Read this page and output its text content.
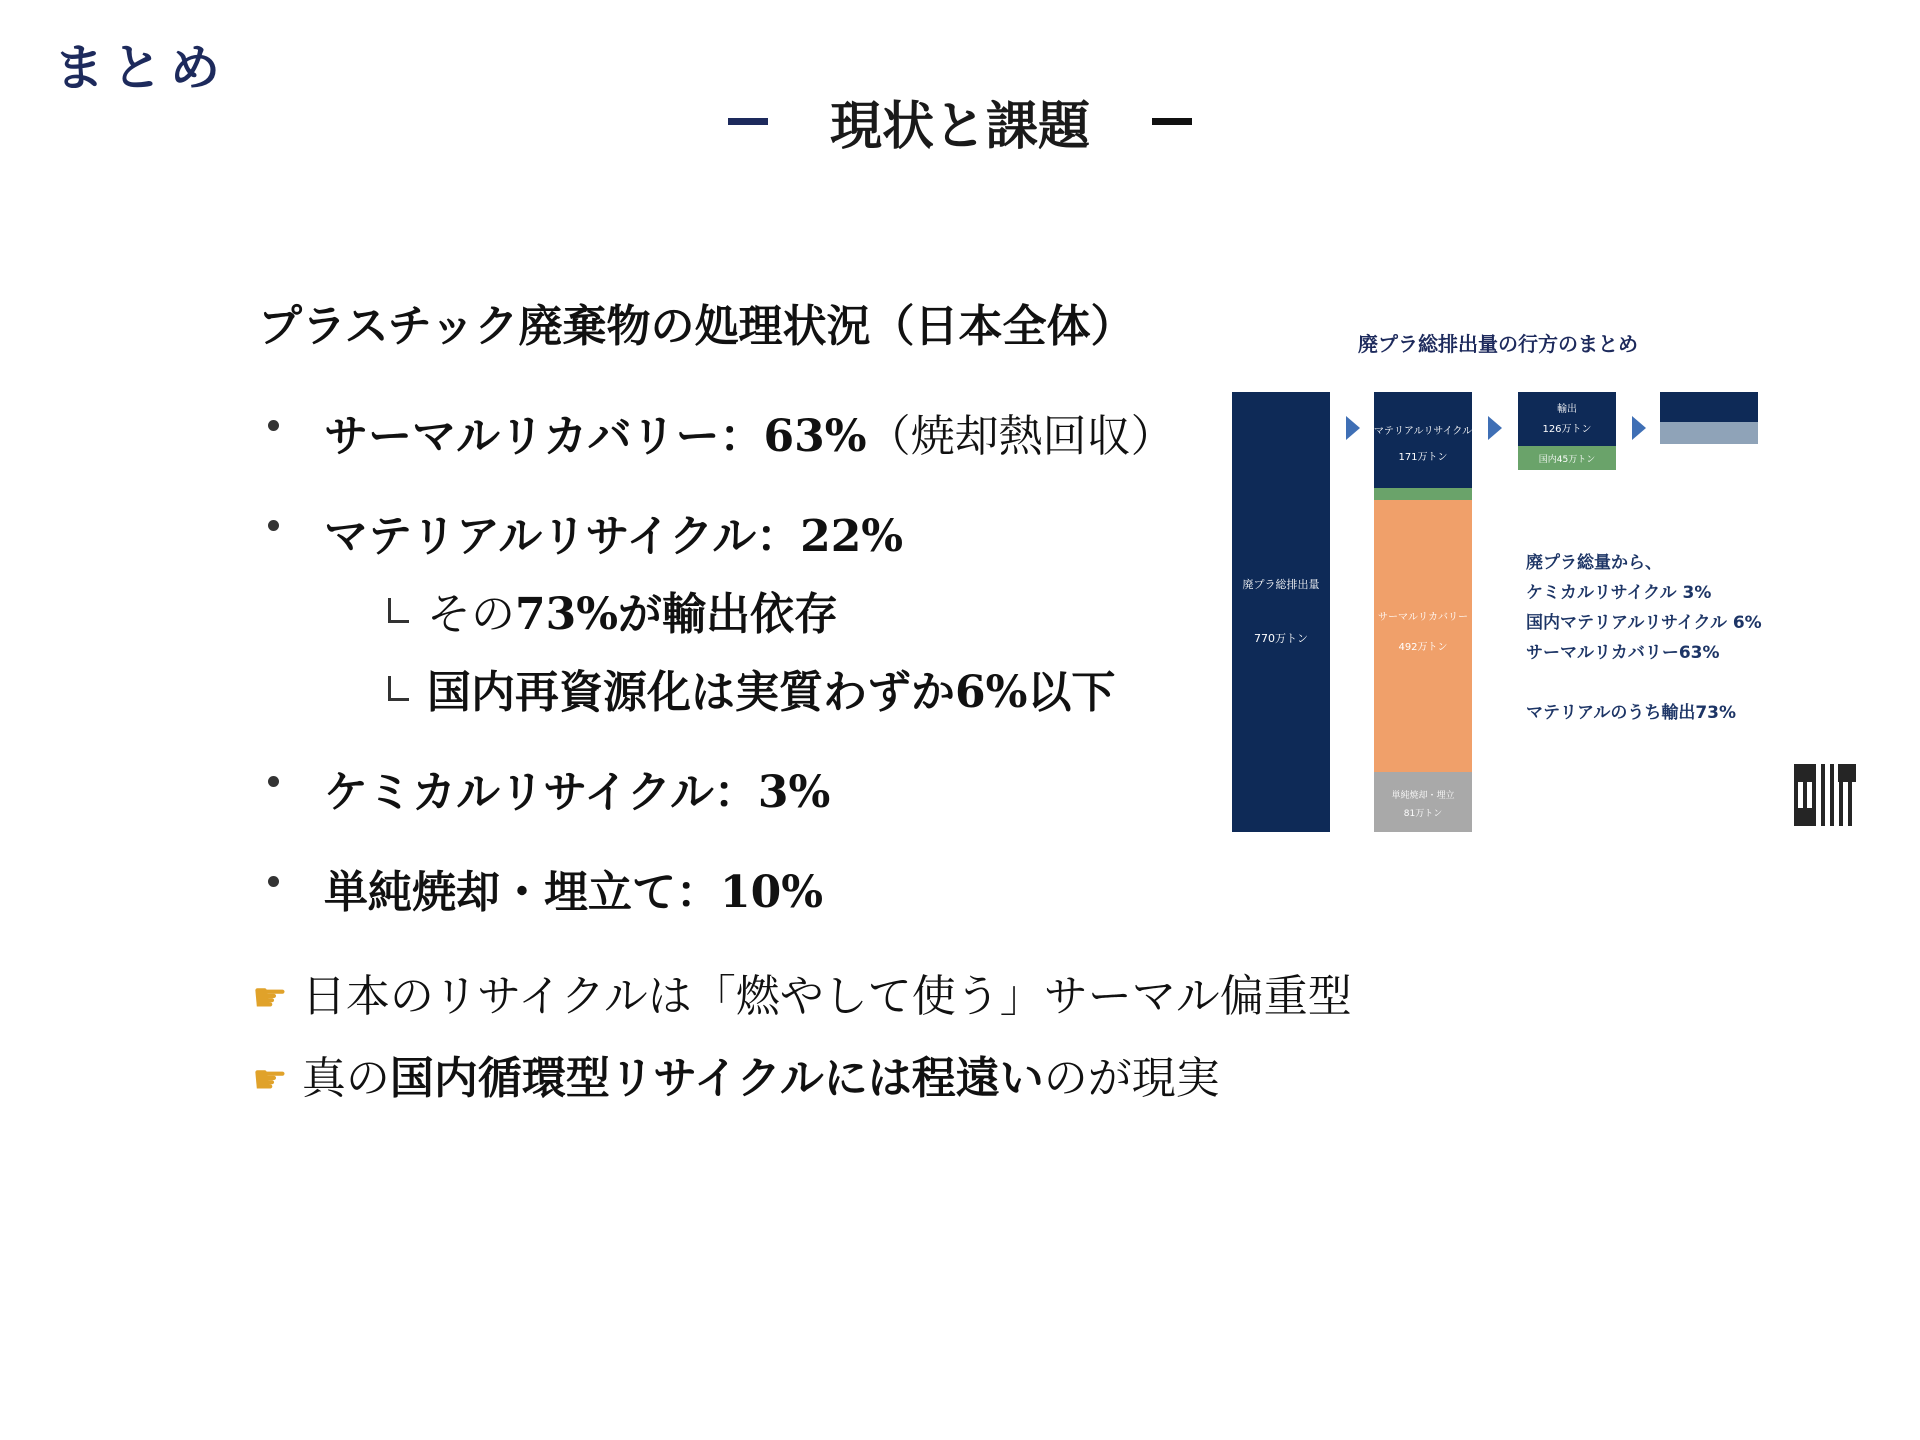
まとめ
現状と課題
プラスチック廃棄物の処理状況（日本全体）
サーマルリカバリー：63%（焼却熱回収）
マテリアルリサイクル：22%
その73%が輸出依存
国内再資源化は実質わずか6%以下
ケミカルリサイクル：3%
単純焼却・埋立て：10%
☛ 日本のリサイクルは「燃やして使う」サーマル偏重型
☛ 真の国内循環型リサイクルには程遠いのが現実
廃プラ総排出量の行方のまとめ
廃プラ総排出量
770万トン
マテリアルリサイクル
171万トン
サーマルリカバリー
492万トン
単純焼却・埋立
81万トン
輸出
126万トン
国内45万トン
廃プラ総量から、
ケミカルリサイクル 3%
国内マテリアルリサイクル 6%
サーマルリカバリー63%
マテリアルのうち輸出73%
